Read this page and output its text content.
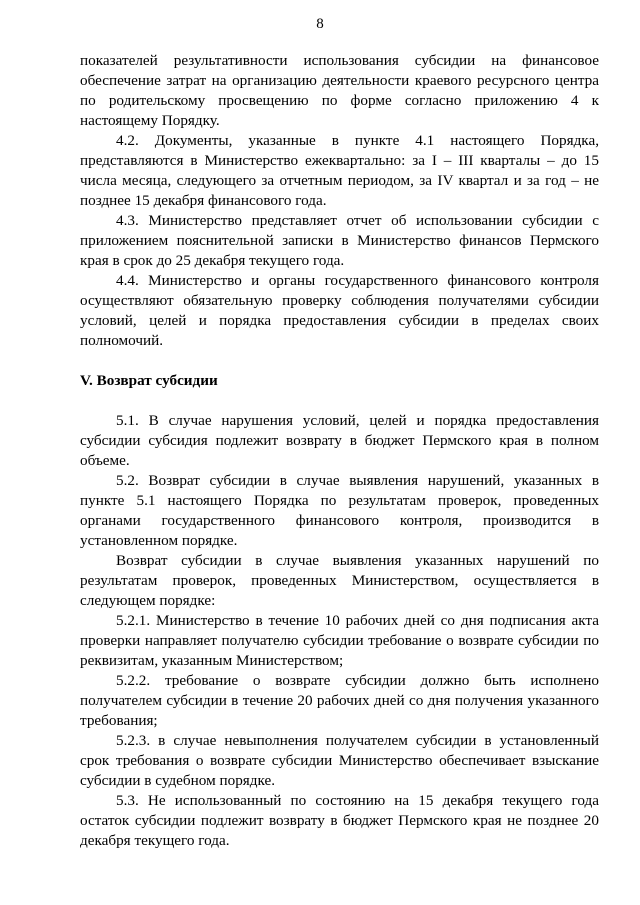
8

показателей результативности использования субсидии на финансовое обеспечение затрат на организацию деятельности краевого ресурсного центра по родительскому просвещению по форме согласно приложению 4 к настоящему Порядку.

4.2. Документы, указанные в пункте 4.1 настоящего Порядка, представляются в Министерство ежеквартально: за I – III кварталы – до 15 числа месяца, следующего за отчетным периодом, за IV квартал и за год – не позднее 15 декабря финансового года.

4.3. Министерство представляет отчет об использовании субсидии с приложением пояснительной записки в Министерство финансов Пермского края в срок до 25 декабря текущего года.

4.4. Министерство и органы государственного финансового контроля осуществляют обязательную проверку соблюдения получателями субсидии условий, целей и порядка предоставления субсидии в пределах своих полномочий.

V. Возврат субсидии

5.1. В случае нарушения условий, целей и порядка предоставления субсидии субсидия подлежит возврату в бюджет Пермского края в полном объеме.

5.2. Возврат субсидии в случае выявления нарушений, указанных в пункте 5.1 настоящего Порядка по результатам проверок, проведенных органами государственного финансового контроля, производится в установленном порядке.

Возврат субсидии в случае выявления указанных нарушений по результатам проверок, проведенных Министерством, осуществляется в следующем порядке:

5.2.1. Министерство в течение 10 рабочих дней со дня подписания акта проверки направляет получателю субсидии требование о возврате субсидии по реквизитам, указанным Министерством;

5.2.2. требование о возврате субсидии должно быть исполнено получателем субсидии в течение 20 рабочих дней со дня получения указанного требования;

5.2.3. в случае невыполнения получателем субсидии в установленный срок требования о возврате субсидии Министерство обеспечивает взыскание субсидии в судебном порядке.

5.3. Не использованный по состоянию на 15 декабря текущего года остаток субсидии подлежит возврату в бюджет Пермского края не позднее 20 декабря текущего года.
